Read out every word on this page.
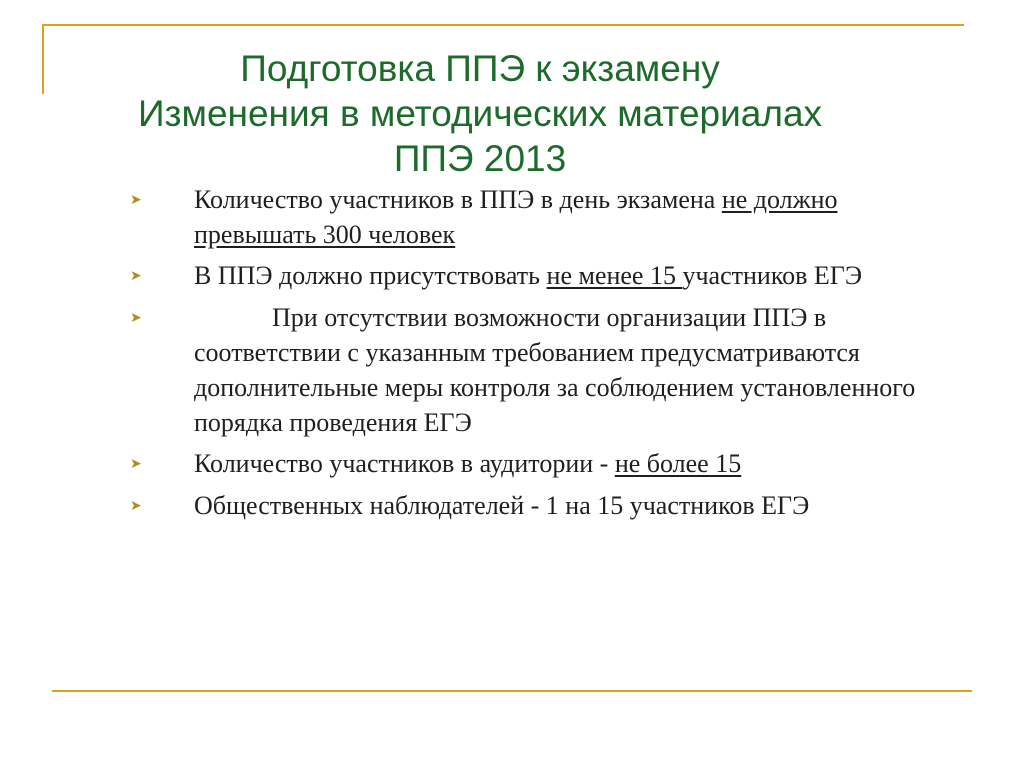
Подготовка ППЭ к экзамену
Изменения в методических материалах
ППЭ 2013
➤	Количество участников в ППЭ в день экзамена не должно превышать 300 человек
➤	В ППЭ должно присутствовать не менее 15 участников ЕГЭ
➤	При отсутствии возможности организации ППЭ в соответствии с указанным требованием предусматриваются дополнительные меры контроля за соблюдением установленного порядка проведения ЕГЭ
➤	Количество участников в аудитории - не более 15
➤	Общественных наблюдателей - 1 на 15 участников ЕГЭ
